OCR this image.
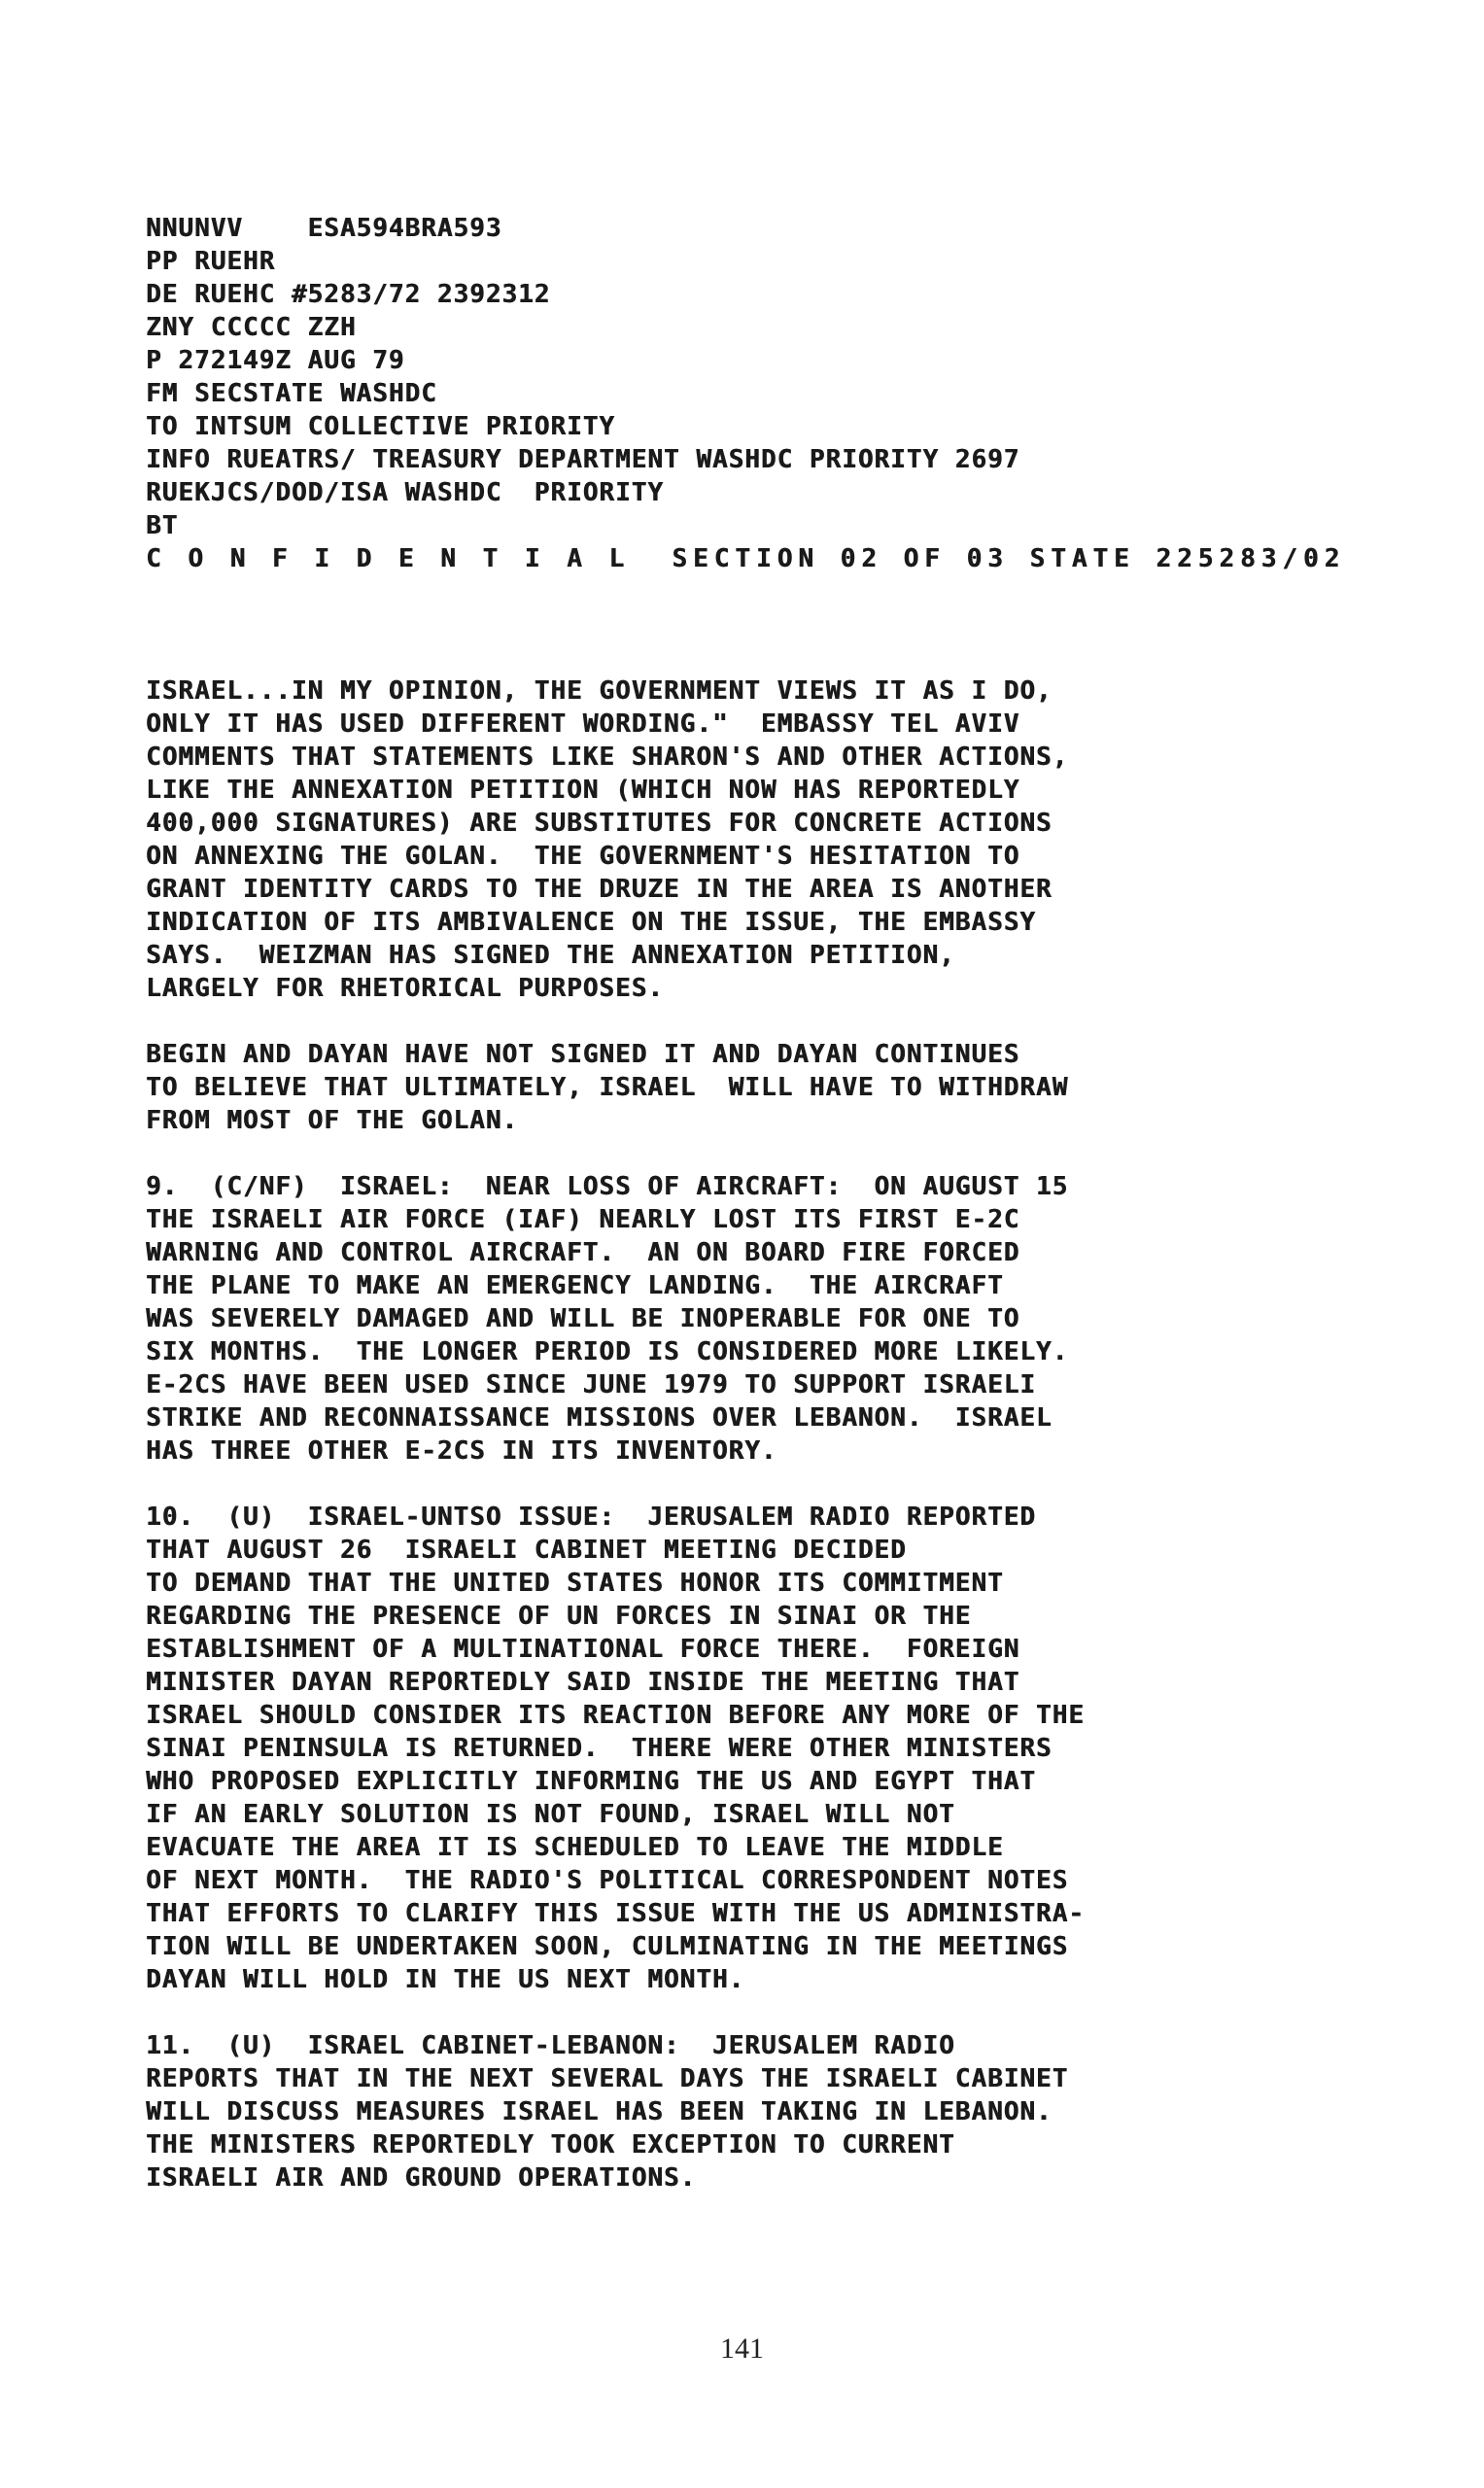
NNUNVV    ESA594BRA593
PP RUEHR
DE RUEHC #5283/72 2392312
ZNY CCCCC ZZH
P 272149Z AUG 79
FM SECSTATE WASHDC
TO INTSUM COLLECTIVE PRIORITY
INFO RUEATRS/ TREASURY DEPARTMENT WASHDC PRIORITY 2697
RUEKJCS/DOD/ISA WASHDC  PRIORITY
BT
C O N F I D E N T I A L  SECTION 02 OF 03 STATE 225283/02

ISRAEL...IN MY OPINION, THE GOVERNMENT VIEWS IT AS I DO,
ONLY IT HAS USED DIFFERENT WORDING."  EMBASSY TEL AVIV
COMMENTS THAT STATEMENTS LIKE SHARON'S AND OTHER ACTIONS,
LIKE THE ANNEXATION PETITION (WHICH NOW HAS REPORTEDLY
400,000 SIGNATURES) ARE SUBSTITUTES FOR CONCRETE ACTIONS
ON ANNEXING THE GOLAN.  THE GOVERNMENT'S HESITATION TO
GRANT IDENTITY CARDS TO THE DRUZE IN THE AREA IS ANOTHER
INDICATION OF ITS AMBIVALENCE ON THE ISSUE, THE EMBASSY
SAYS.  WEIZMAN HAS SIGNED THE ANNEXATION PETITION,
LARGELY FOR RHETORICAL PURPOSES.
BEGIN AND DAYAN HAVE NOT SIGNED IT AND DAYAN CONTINUES
TO BELIEVE THAT ULTIMATELY, ISRAEL  WILL HAVE TO WITHDRAW
FROM MOST OF THE GOLAN.
9.  (C/NF)  ISRAEL:  NEAR LOSS OF AIRCRAFT:  ON AUGUST 15
THE ISRAELI AIR FORCE (IAF) NEARLY LOST ITS FIRST E-2C
WARNING AND CONTROL AIRCRAFT.  AN ON BOARD FIRE FORCED
THE PLANE TO MAKE AN EMERGENCY LANDING.  THE AIRCRAFT
WAS SEVERELY DAMAGED AND WILL BE INOPERABLE FOR ONE TO
SIX MONTHS.  THE LONGER PERIOD IS CONSIDERED MORE LIKELY.
E-2CS HAVE BEEN USED SINCE JUNE 1979 TO SUPPORT ISRAELI
STRIKE AND RECONNAISSANCE MISSIONS OVER LEBANON.  ISRAEL
HAS THREE OTHER E-2CS IN ITS INVENTORY.
10.  (U)  ISRAEL-UNTSO ISSUE:  JERUSALEM RADIO REPORTED
THAT AUGUST 26  ISRAELI CABINET MEETING DECIDED
TO DEMAND THAT THE UNITED STATES HONOR ITS COMMITMENT
REGARDING THE PRESENCE OF UN FORCES IN SINAI OR THE
ESTABLISHMENT OF A MULTINATIONAL FORCE THERE.  FOREIGN
MINISTER DAYAN REPORTEDLY SAID INSIDE THE MEETING THAT
ISRAEL SHOULD CONSIDER ITS REACTION BEFORE ANY MORE OF THE
SINAI PENINSULA IS RETURNED.  THERE WERE OTHER MINISTERS
WHO PROPOSED EXPLICITLY INFORMING THE US AND EGYPT THAT
IF AN EARLY SOLUTION IS NOT FOUND, ISRAEL WILL NOT
EVACUATE THE AREA IT IS SCHEDULED TO LEAVE THE MIDDLE
OF NEXT MONTH.  THE RADIO'S POLITICAL CORRESPONDENT NOTES
THAT EFFORTS TO CLARIFY THIS ISSUE WITH THE US ADMINISTRA-
TION WILL BE UNDERTAKEN SOON, CULMINATING IN THE MEETINGS
DAYAN WILL HOLD IN THE US NEXT MONTH.
11.  (U)  ISRAEL CABINET-LEBANON:  JERUSALEM RADIO
REPORTS THAT IN THE NEXT SEVERAL DAYS THE ISRAELI CABINET
WILL DISCUSS MEASURES ISRAEL HAS BEEN TAKING IN LEBANON.
THE MINISTERS REPORTEDLY TOOK EXCEPTION TO CURRENT
ISRAELI AIR AND GROUND OPERATIONS.

141
